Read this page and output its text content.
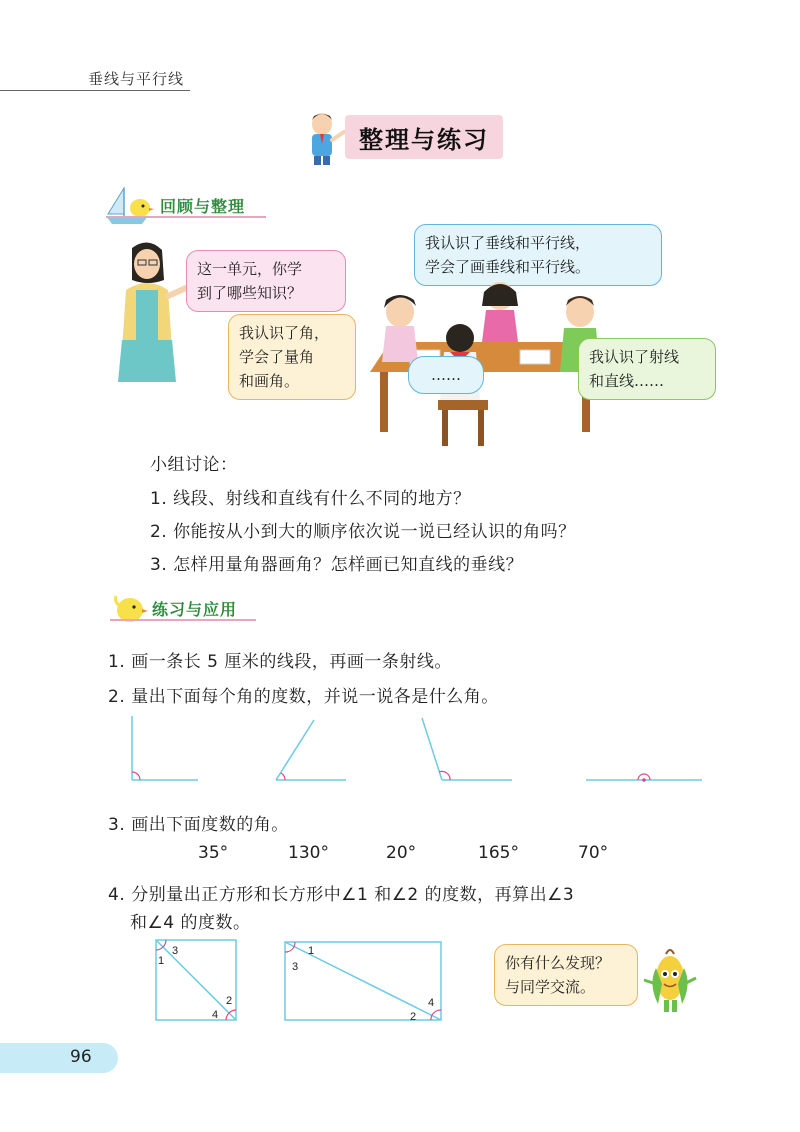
垂线与平行线
整理与练习
回顾与整理
这一单元，你学
到了哪些知识？
我认识了垂线和平行线，
学会了画垂线和平行线。
我认识了角，
学会了量角
和画角。	……
我认识了射线
和直线……
小组讨论：
1. 线段、射线和直线有什么不同的地方？
2. 你能按从小到大的顺序依次说一说已经认识的角吗？
3. 怎样用量角器画角？怎样画已知直线的垂线？
练习与应用
1. 画一条长 5 厘米的线段，再画一条射线。
2. 量出下面每个角的度数，并说一说各是什么角。
3. 画出下面度数的角。
35°	130°	20°	165°	70°
4. 分别量出正方形和长方形中∠1 和∠2 的度数，再算出∠3
和∠4 的度数。
1
3
2
4
1
3
2
4
你有什么发现？
与同学交流。
96
